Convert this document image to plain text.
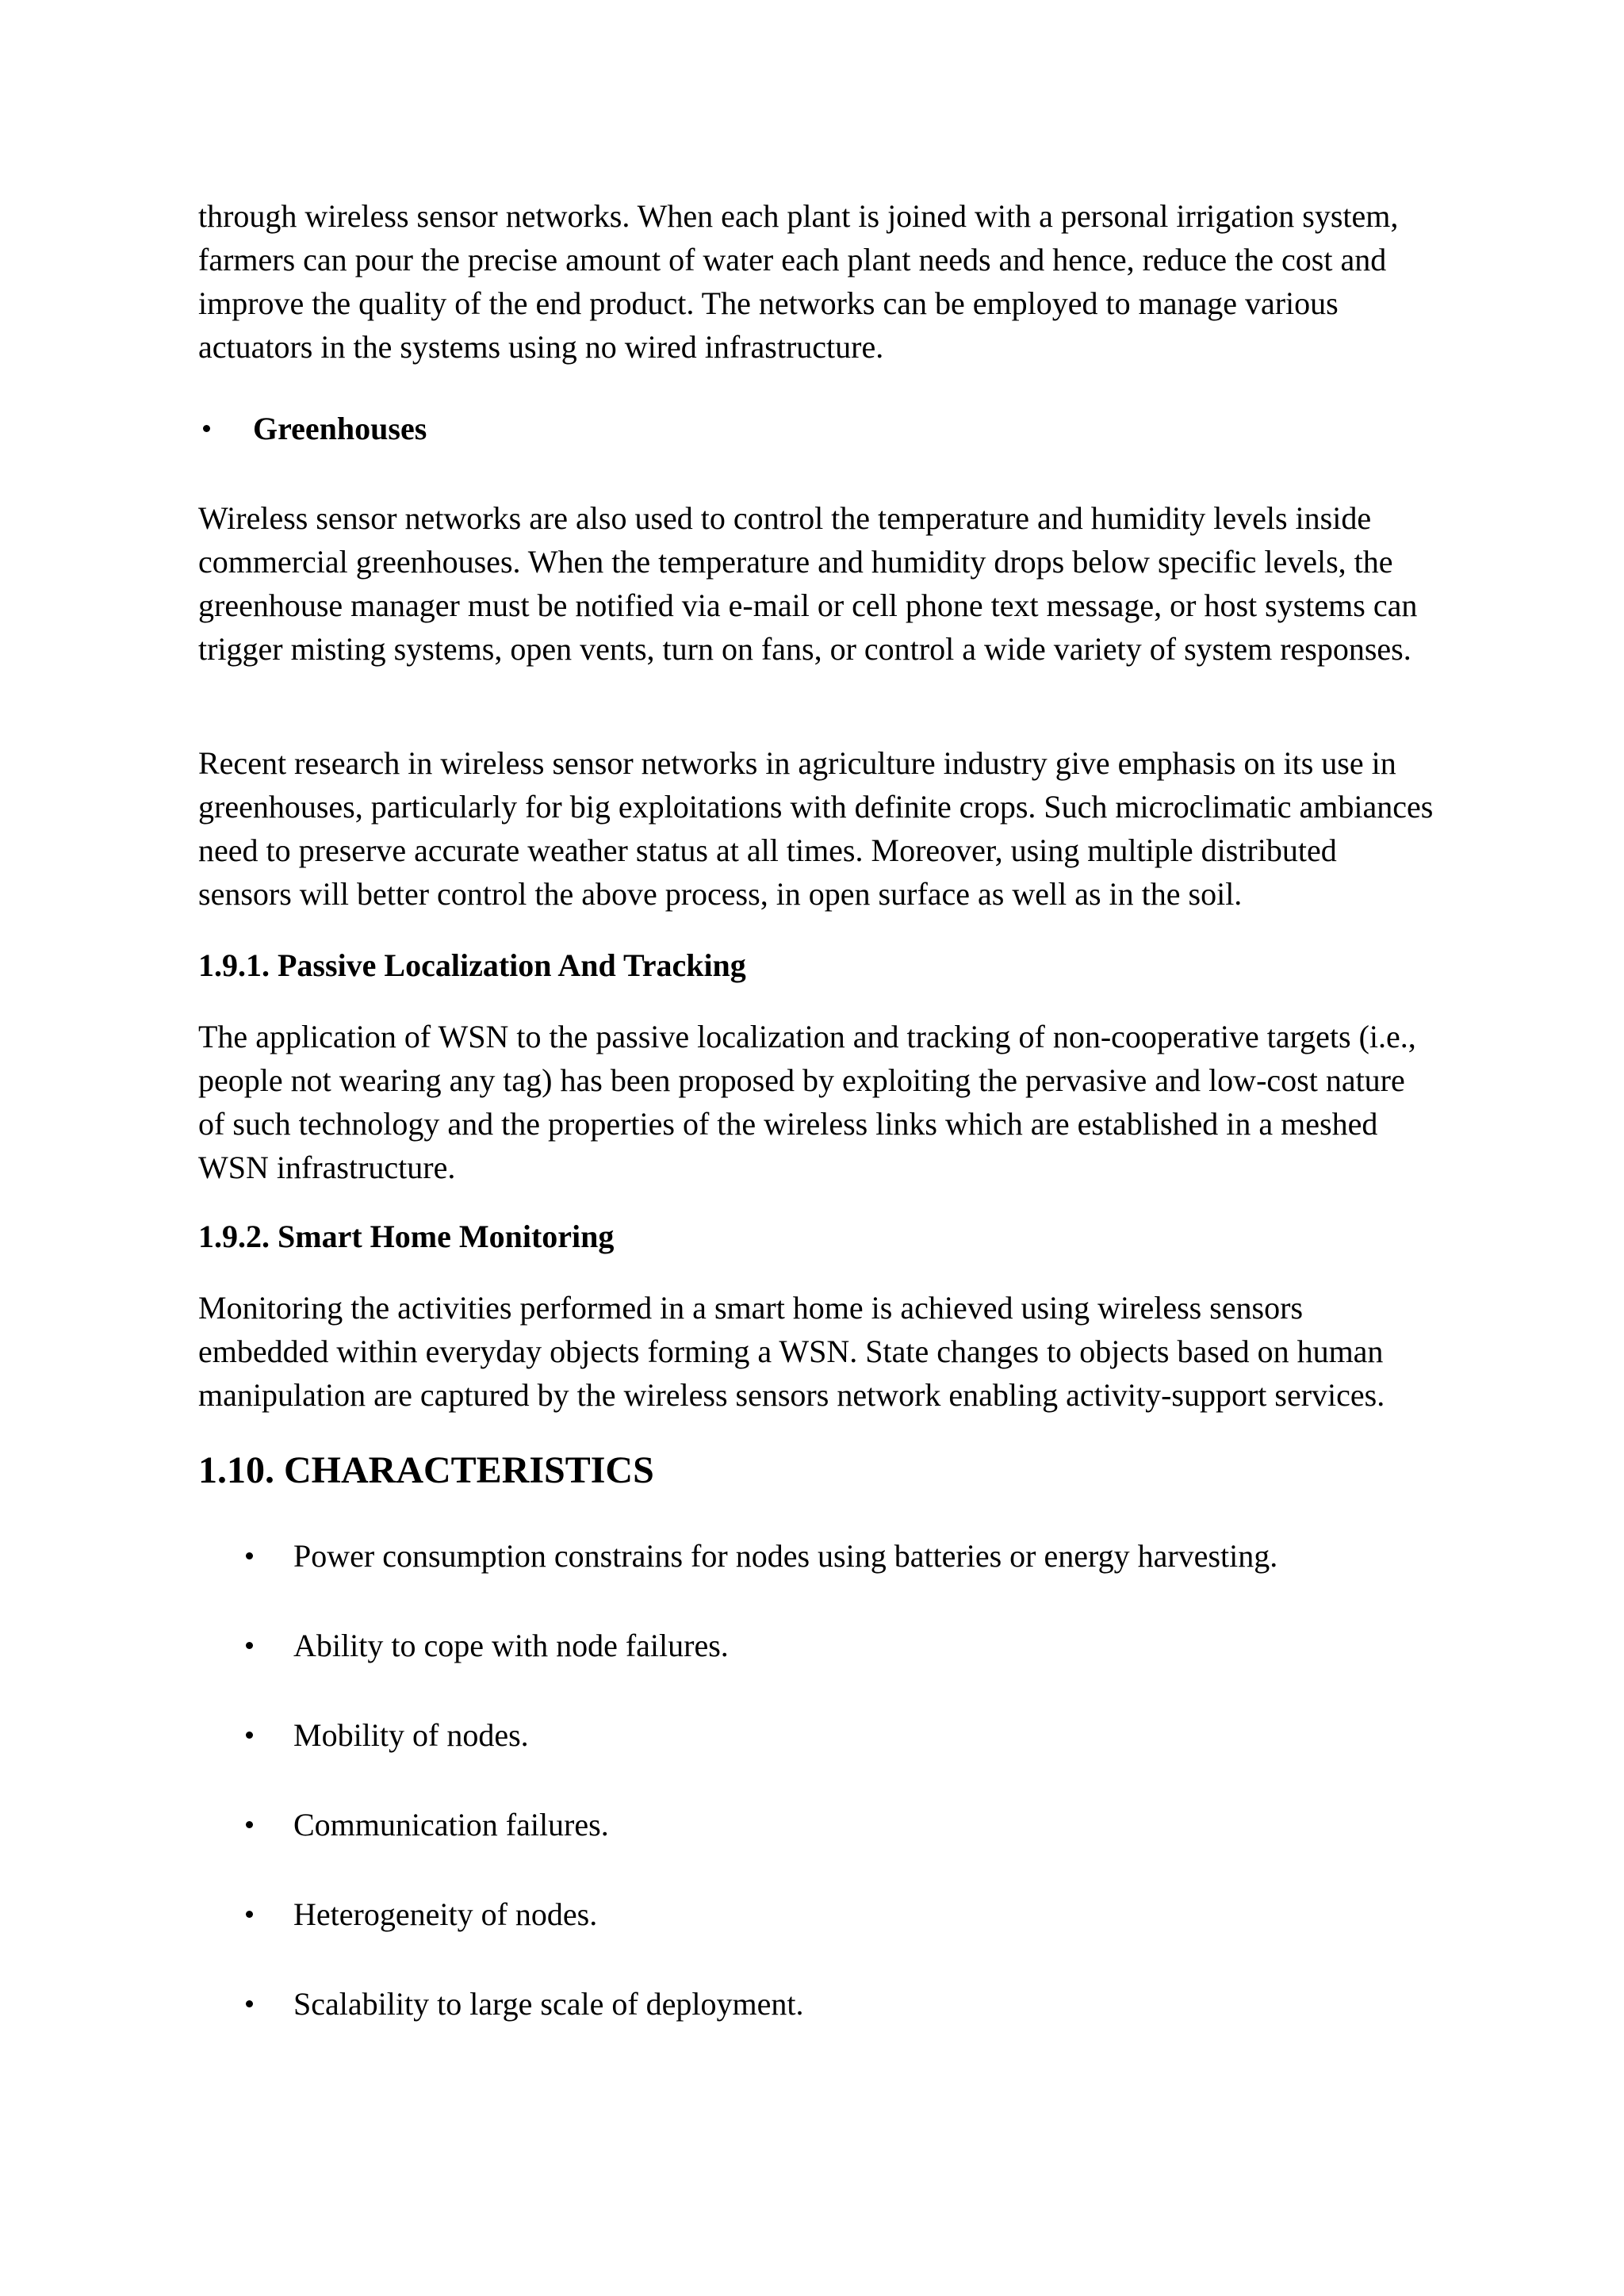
through wireless sensor networks. When each plant is joined with a personal irrigation system, farmers can pour the precise amount of water each plant needs and hence, reduce the cost and improve the quality of the end product. The networks can be employed to manage various actuators in the systems using no wired infrastructure.

Greenhouses

Wireless sensor networks are also used to control the temperature and humidity levels inside commercial greenhouses. When the temperature and humidity drops below specific levels, the greenhouse manager must be notified via e-mail or cell phone text message, or host systems can trigger misting systems, open vents, turn on fans, or control a wide variety of system responses.

Recent research in wireless sensor networks in agriculture industry give emphasis on its use in greenhouses, particularly for big exploitations with definite crops. Such microclimatic ambiances need to preserve accurate weather status at all times. Moreover, using multiple distributed sensors will better control the above process, in open surface as well as in the soil.

1.9.1. Passive Localization And Tracking

The application of WSN to the passive localization and tracking of non-cooperative targets (i.e., people not wearing any tag) has been proposed by exploiting the pervasive and low-cost nature of such technology and the properties of the wireless links which are established in a meshed WSN infrastructure.

1.9.2. Smart Home Monitoring

Monitoring the activities performed in a smart home is achieved using wireless sensors embedded within everyday objects forming a WSN. State changes to objects based on human manipulation are captured by the wireless sensors network enabling activity-support services.

1.10. CHARACTERISTICS
Power consumption constrains for nodes using batteries or energy harvesting.
Ability to cope with node failures.
Mobility of nodes.
Communication failures.
Heterogeneity of nodes.
Scalability to large scale of deployment.
